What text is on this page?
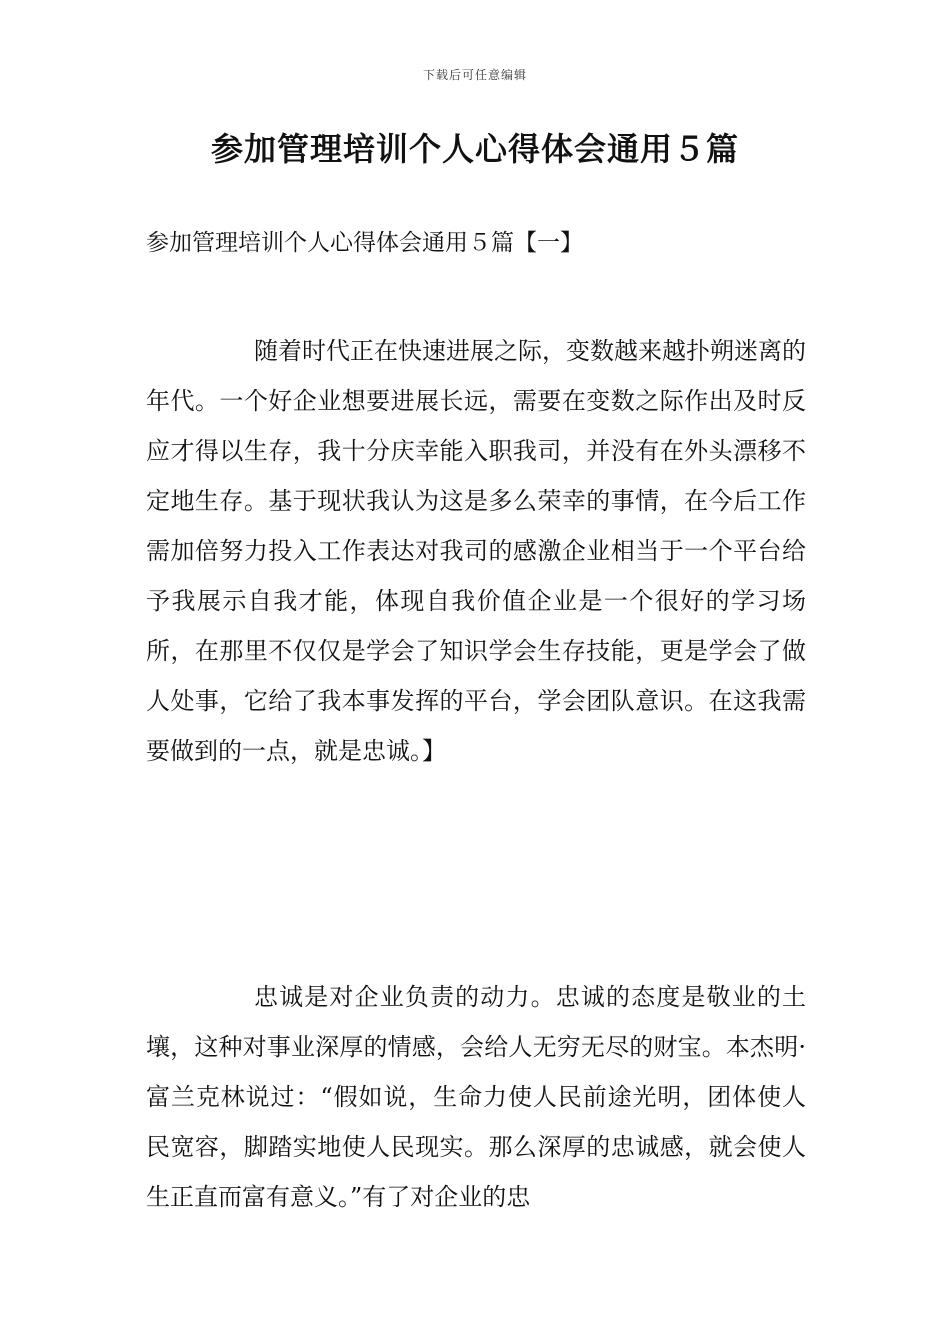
下载后可任意编辑
参加管理培训个人心得体会通用５篇
参加管理培训个人心得体会通用５篇【一】

随着时代正在快速进展之际，变数越来越扑朔迷离的年代。一个好企业想要进展长远，需要在变数之际作出及时反应才得以生存，我十分庆幸能入职我司，并没有在外头漂移不定地生存。基于现状我认为这是多么荣幸的事情，在今后工作需加倍努力投入工作表达对我司的感激企业相当于一个平台给予我展示自我才能，体现自我价值企业是一个很好的学习场所，在那里不仅仅是学会了知识学会生存技能，更是学会了做人处事，它给了我本事发挥的平台，学会团队意识。在这我需要做到的一点，就是忠诚。】

忠诚是对企业负责的动力。忠诚的态度是敬业的土壤，这种对事业深厚的情感，会给人无穷无尽的财宝。本杰明·富兰克林说过：“假如说，生命力使人民前途光明，团体使人民宽容，脚踏实地使人民现实。那么深厚的忠诚感，就会使人生正直而富有意义。”有了对企业的忠
